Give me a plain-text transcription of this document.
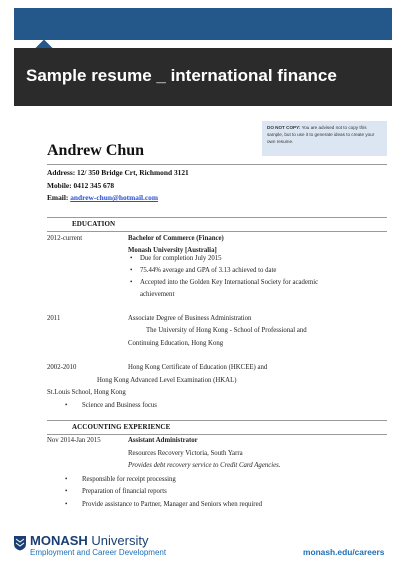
Sample resume _ international finance
DO NOT COPY: You are advised not to copy this sample, but to use it to generate ideas to create your own resume.
Andrew Chun
Address: 12/ 350 Bridge Crt, Richmond 3121
Mobile: 0412 345 678
Email: andrew-chun@hotmail.com
EDUCATION
2012-current	Bachelor of Commerce (Finance)
Monash University [Australia]
• Due for completion July 2015
• 75.44% average and GPA of 3.13 achieved to date
• Accepted into the Golden Key International Society for academic
achievement
2011	Associate Degree of Business Administration
The University of Hong Kong - School of Professional and
Continuing Education, Hong Kong
2002-2010	Hong Kong Certificate of Education (HKCEE) and
Hong Kong Advanced Level Examination (HKAL)
St.Louis School, Hong Kong
• Science and Business focus
ACCOUNTING EXPERIENCE
Nov 2014-Jan 2015	Assistant Administrator
Resources Recovery Victoria, South Yarra
Provides debt recovery service to Credit Card Agencies.
• Responsible for receipt processing
• Preparation of financial reports
• Provide assistance to Partner, Manager and Seniors when required
MONASH University
Employment and Career Development	monash.edu/careers
